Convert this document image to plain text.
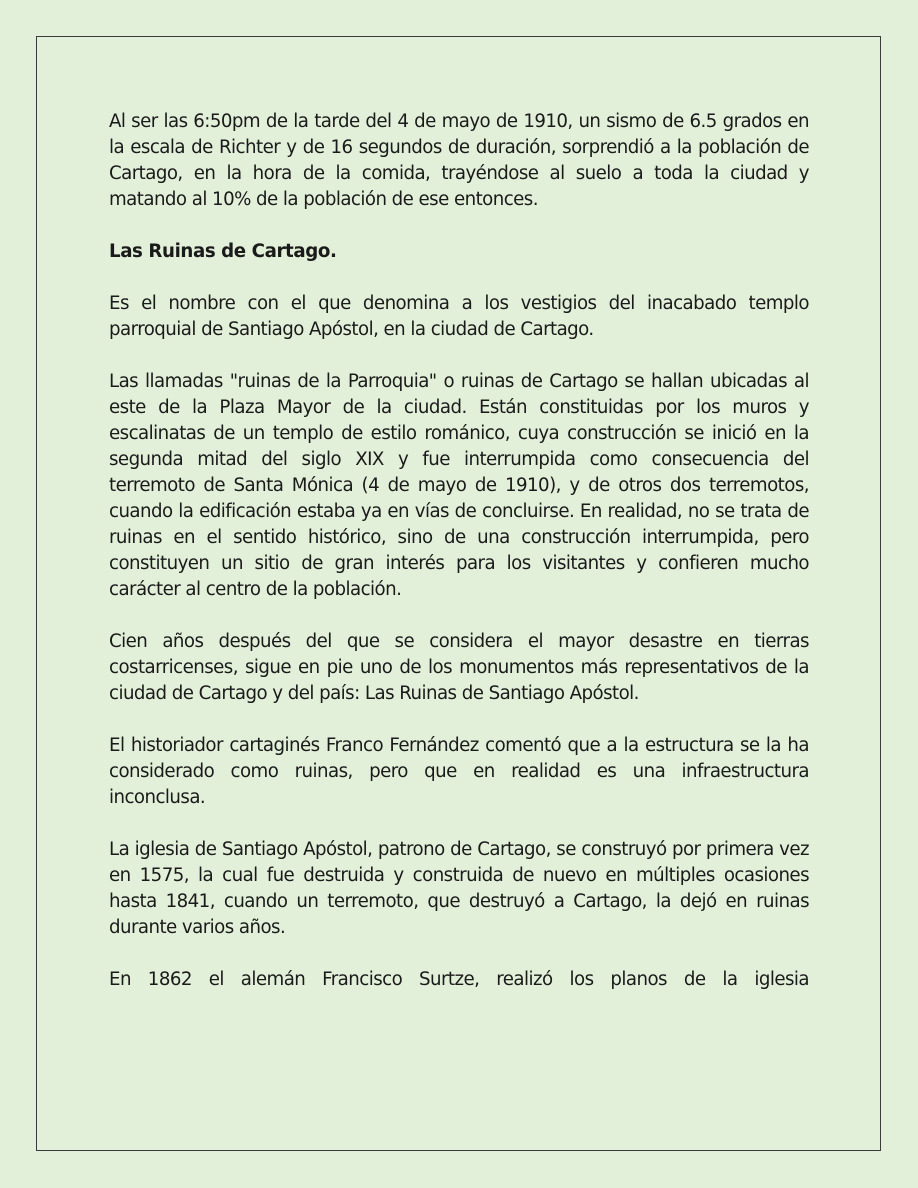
Al ser las 6:50pm de la tarde del 4 de mayo de 1910, un sismo de 6.5 grados en la escala de Richter y de 16 segundos de duración, sorprendió a la población de Cartago, en la hora de la comida, trayéndose al suelo a toda la ciudad y matando al 10% de la población de ese entonces.

Las Ruinas de Cartago.

Es el nombre con el que denomina a los vestigios del inacabado templo parroquial de Santiago Apóstol, en la ciudad de Cartago.

Las llamadas "ruinas de la Parroquia" o ruinas de Cartago se hallan ubicadas al este de la Plaza Mayor de la ciudad. Están constituidas por los muros y escalinatas de un templo de estilo románico, cuya construcción se inició en la segunda mitad del siglo XIX y fue interrumpida como consecuencia del terremoto de Santa Mónica (4 de mayo de 1910), y de otros dos terremotos, cuando la edificación estaba ya en vías de concluirse. En realidad, no se trata de ruinas en el sentido histórico, sino de una construcción interrumpida, pero constituyen un sitio de gran interés para los visitantes y confieren mucho carácter al centro de la población.

Cien años después del que se considera el mayor desastre en tierras costarricenses, sigue en pie uno de los monumentos más representativos de la ciudad de Cartago y del país: Las Ruinas de Santiago Apóstol.

El historiador cartaginés Franco Fernández comentó que a la estructura se la ha considerado como ruinas, pero que en realidad es una infraestructura inconclusa.

La iglesia de Santiago Apóstol, patrono de Cartago, se construyó por primera vez en 1575, la cual fue destruida y construida de nuevo en múltiples ocasiones hasta 1841, cuando un terremoto, que destruyó a Cartago, la dejó en ruinas durante varios años.

En 1862 el alemán Francisco Surtze, realizó los planos de la iglesia
